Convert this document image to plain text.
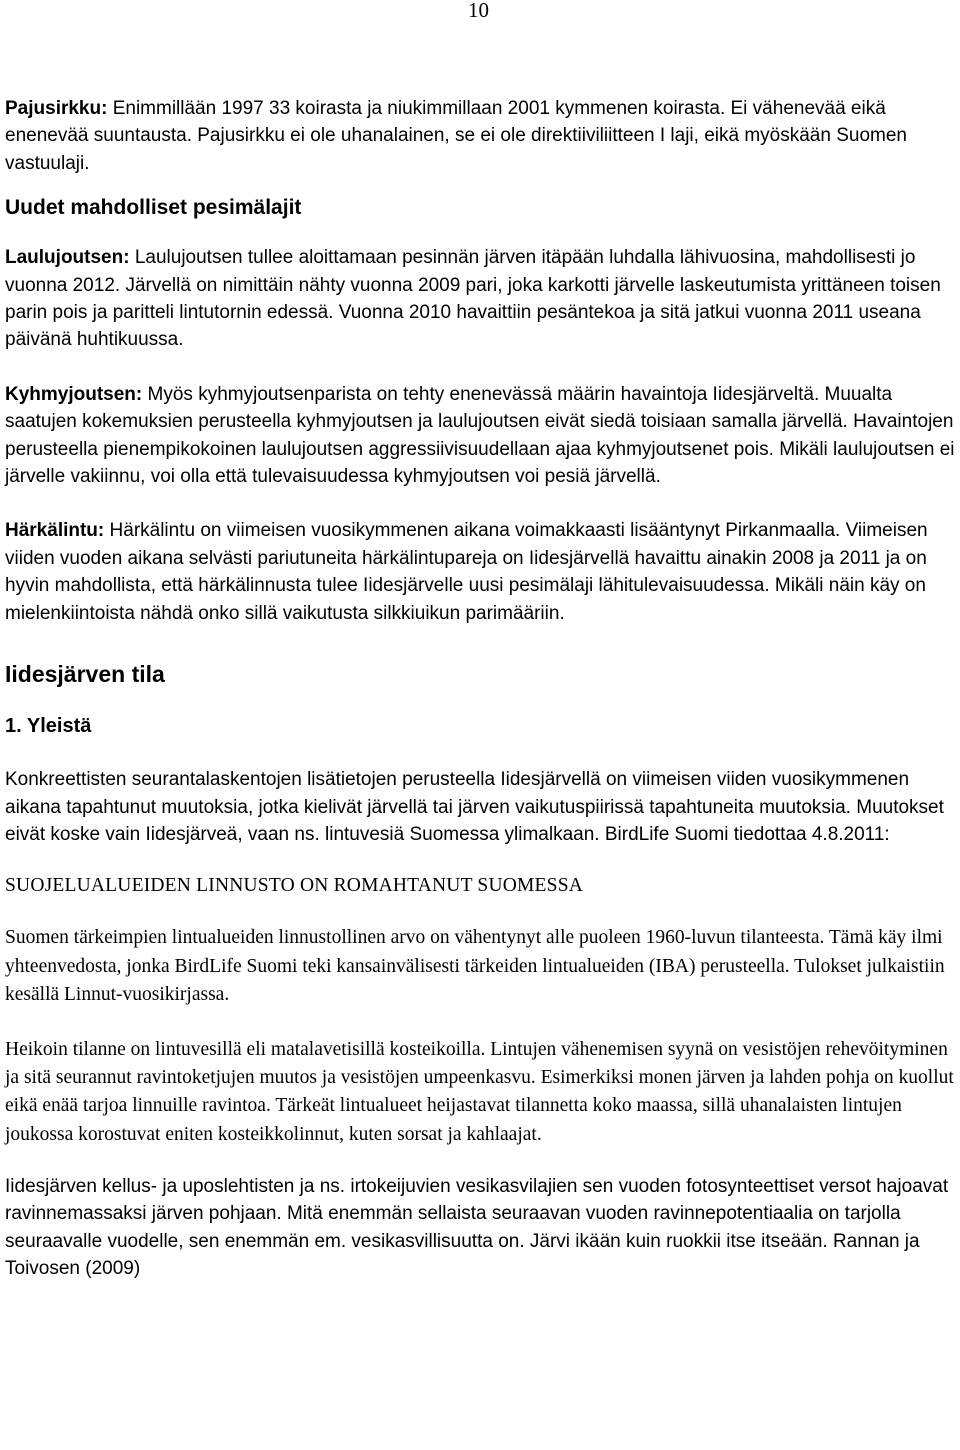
10

Pajusirkku: Enimmillään 1997 33 koirasta ja niukimmillaan 2001 kymmenen koirasta. Ei vähenevää eikä enenevää suuntausta. Pajusirkku ei ole uhanalainen, se ei ole direktiiviliitteen I laji, eikä myöskään Suomen vastuulaji.

Uudet mahdolliset pesimälajit

Laulujoutsen: Laulujoutsen tullee aloittamaan pesinnän järven itäpään luhdalla lähivuosina, mahdollisesti jo vuonna 2012. Järvellä on nimittäin nähty vuonna 2009 pari, joka karkotti järvelle laskeutumista yrittäneen toisen parin pois ja paritteli lintutornin edessä. Vuonna 2010 havaittiin pesäntekoa ja sitä jatkui vuonna 2011 useana päivänä huhtikuussa.

Kyhmyjoutsen: Myös kyhmyjoutsenparista on tehty enenevässä määrin havaintoja Iidesjärveltä. Muualta saatujen kokemuksien perusteella kyhmyjoutsen ja laulujoutsen eivät siedä toisiaan samalla järvellä. Havaintojen perusteella pienempikokoinen laulujoutsen aggressiivisuudellaan ajaa kyhmyjoutsenet pois. Mikäli laulujoutsen ei järvelle vakiinnu, voi olla että tulevaisuudessa kyhmyjoutsen voi pesiä järvellä.

Härkälintu: Härkälintu on viimeisen vuosikymmenen aikana voimakkaasti lisääntynyt Pirkanmaalla. Viimeisen viiden vuoden aikana selvästi pariutuneita härkälintupareja on Iidesjärvellä havaittu ainakin 2008 ja 2011 ja on hyvin mahdollista, että härkälinnusta tulee Iidesjärvelle uusi pesimälaji lähitulevaisuudessa. Mikäli näin käy on mielenkiintoista nähdä onko sillä vaikutusta silkkiuikun parimääriin.

Iidesjärven tila
1. Yleistä

Konkreettisten seurantalaskentojen lisätietojen perusteella Iidesjärvellä on viimeisen viiden vuosikymmenen aikana tapahtunut muutoksia, jotka kielivät järvellä tai järven vaikutuspiirissä tapahtuneita muutoksia. Muutokset eivät koske vain Iidesjärveä, vaan ns. lintuvesiä Suomessa ylimalkaan. BirdLife Suomi tiedottaa 4.8.2011:

SUOJELUALUEIDEN LINNUSTO ON ROMAHTANUT SUOMESSA

Suomen tärkeimpien lintualueiden linnustollinen arvo on vähentynyt alle puoleen 1960-luvun tilanteesta. Tämä käy ilmi yhteenvedosta, jonka BirdLife Suomi teki kansainvälisesti tärkeiden lintualueiden (IBA) perusteella. Tulokset julkaistiin kesällä Linnut-vuosikirjassa.

Heikoin tilanne on lintuvesillä eli matalavetisillä kosteikoilla. Lintujen vähenemisen syynä on vesistöjen rehevöityminen ja sitä seurannut ravintoketjujen muutos ja vesistöjen umpeenkasvu. Esimerkiksi monen järven ja lahden pohja on kuollut eikä enää tarjoa linnuille ravintoa. Tärkeät lintualueet heijastavat tilannetta koko maassa, sillä uhanalaisten lintujen joukossa korostuvat eniten kosteikkolinnut, kuten sorsat ja kahlaajat.

Iidesjärven kellus- ja uposlehtisten ja ns. irtokeijuvien vesikasvilajien sen vuoden fotosynteettiset versot hajoavat ravinnemassaksi järven pohjaan. Mitä enemmän sellaista seuraavan vuoden ravinnepotentiaalia on tarjolla seuraavalle vuodelle, sen enemmän em. vesikasvillisuutta on. Järvi ikään kuin ruokkii itse itseään. Rannan ja Toivosen (2009)
